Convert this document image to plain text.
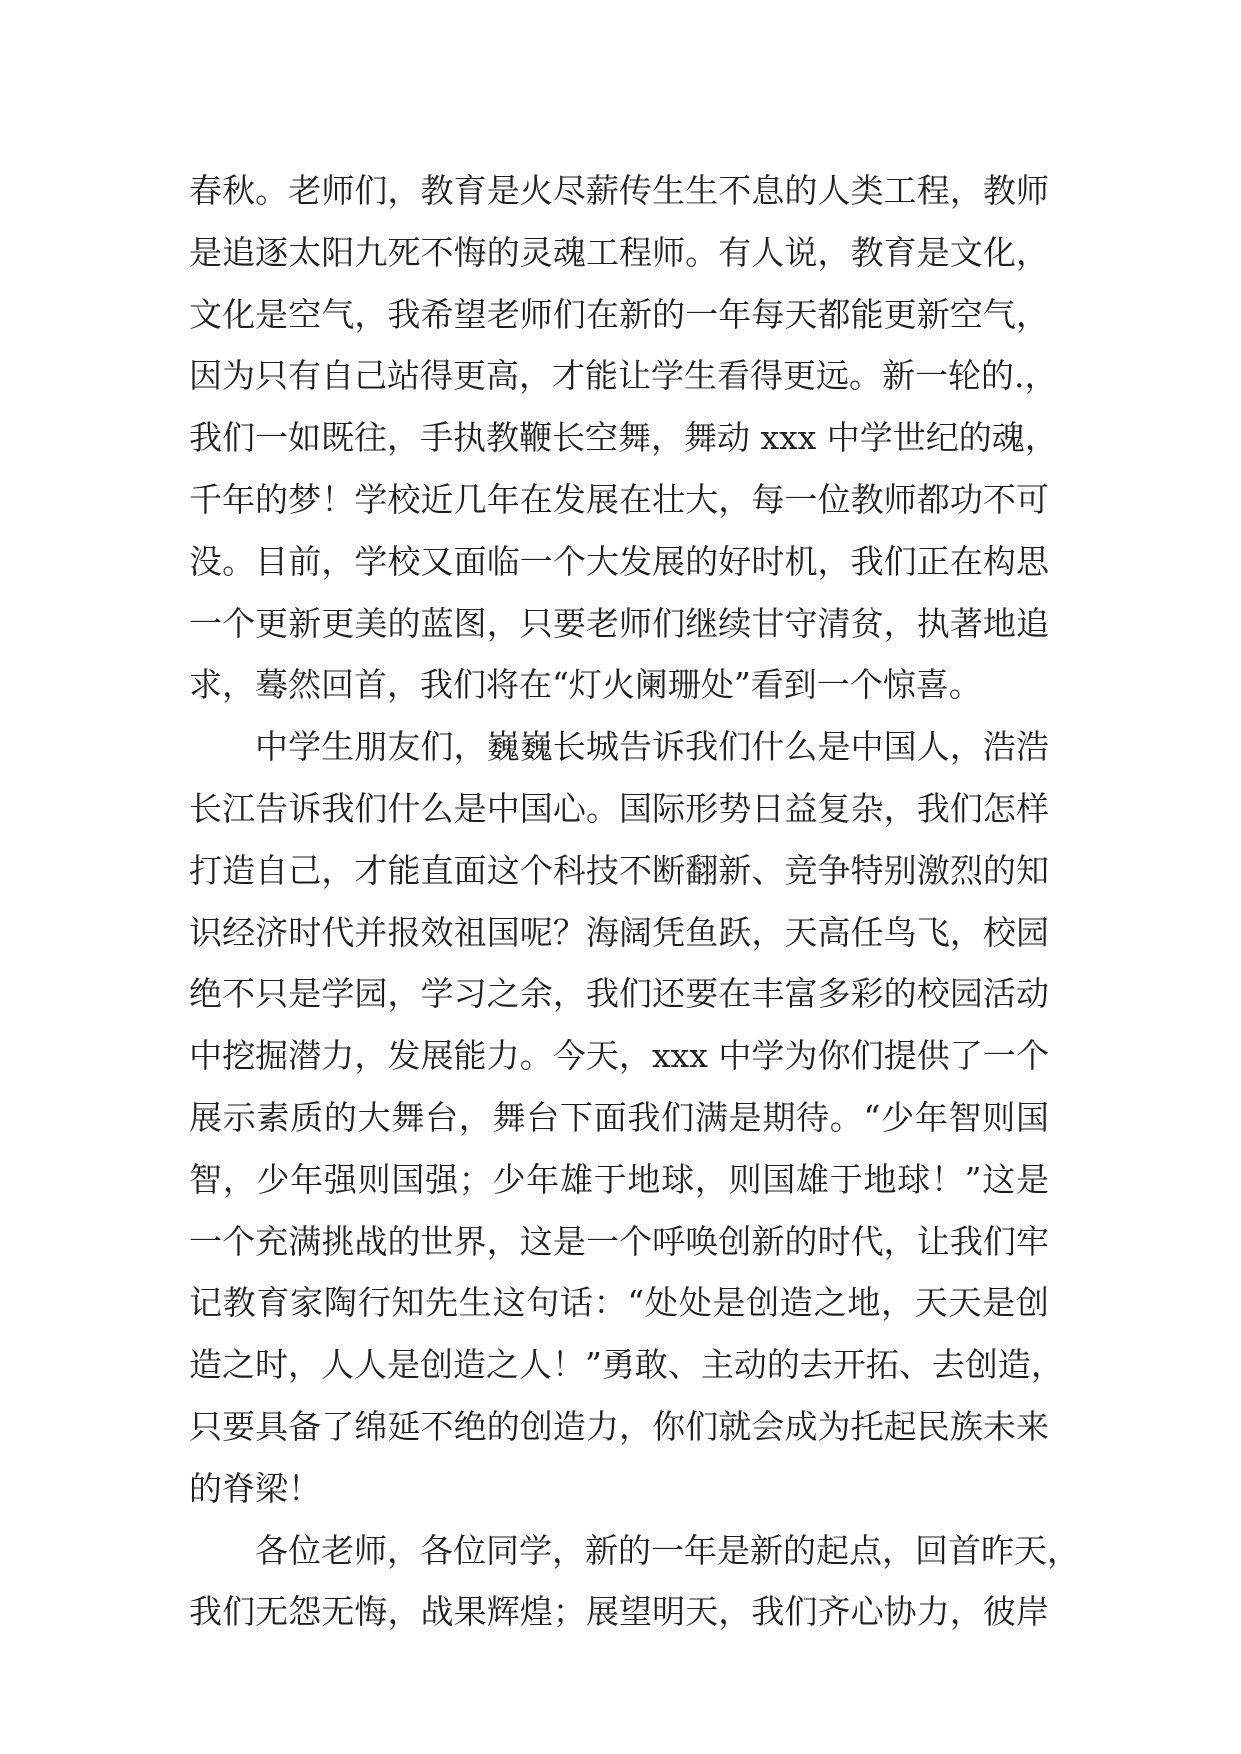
春秋。老师们，教育是火尽薪传生生不息的人类工程，教师
是追逐太阳九死不悔的灵魂工程师。有人说，教育是文化，
文化是空气，我希望老师们在新的一年每天都能更新空气，
因为只有自己站得更高，才能让学生看得更远。新一轮的.，
我们一如既往，手执教鞭长空舞，舞动 xxx 中学世纪的魂，
千年的梦！学校近几年在发展在壮大，每一位教师都功不可
没。目前，学校又面临一个大发展的好时机，我们正在构思
一个更新更美的蓝图，只要老师们继续甘守清贫，执著地追
求，蓦然回首，我们将在“灯火阑珊处”看到一个惊喜。
中学生朋友们，巍巍长城告诉我们什么是中国人，浩浩
长江告诉我们什么是中国心。国际形势日益复杂，我们怎样
打造自己，才能直面这个科技不断翻新、竞争特别激烈的知
识经济时代并报效祖国呢？海阔凭鱼跃，天高任鸟飞，校园
绝不只是学园，学习之余，我们还要在丰富多彩的校园活动
中挖掘潜力，发展能力。今天，xxx 中学为你们提供了一个
展示素质的大舞台，舞台下面我们满是期待。“少年智则国
智，少年强则国强；少年雄于地球，则国雄于地球！”这是
一个充满挑战的世界，这是一个呼唤创新的时代，让我们牢
记教育家陶行知先生这句话：“处处是创造之地，天天是创
造之时，人人是创造之人！”勇敢、主动的去开拓、去创造，
只要具备了绵延不绝的创造力，你们就会成为托起民族未来
的脊梁！
各位老师，各位同学，新的一年是新的起点，回首昨天，
我们无怨无悔，战果辉煌；展望明天，我们齐心协力，彼岸
